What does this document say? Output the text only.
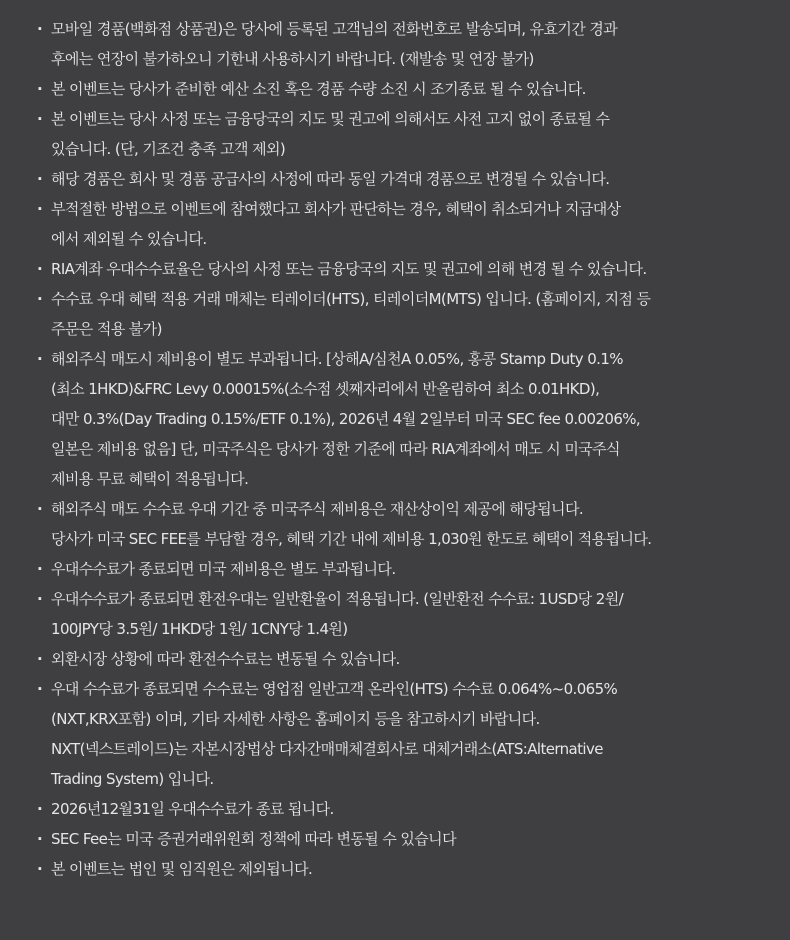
· 모바일 경품(백화점 상품권)은 당사에 등록된 고객님의 전화번호로 발송되며, 유효기간 경과
후에는 연장이 불가하오니 기한내 사용하시기 바랍니다. (재발송 및 연장 불가)
· 본 이벤트는 당사가 준비한 예산 소진 혹은 경품 수량 소진 시 조기종료 될 수 있습니다.
· 본 이벤트는 당사 사정 또는 금융당국의 지도 및 권고에 의해서도 사전 고지 없이 종료될 수
있습니다. (단, 기조건 충족 고객 제외)
· 해당 경품은 회사 및 경품 공급사의 사정에 따라 동일 가격대 경품으로 변경될 수 있습니다.
· 부적절한 방법으로 이벤트에 참여했다고 회사가 판단하는 경우, 혜택이 취소되거나 지급대상
에서 제외될 수 있습니다.
· RIA계좌 우대수수료율은 당사의 사정 또는 금융당국의 지도 및 권고에 의해 변경 될 수 있습니다.
· 수수료 우대 혜택 적용 거래 매체는 티레이더(HTS), 티레이더M(MTS) 입니다. (홈페이지, 지점 등
주문은 적용 불가)
· 해외주식 매도시 제비용이 별도 부과됩니다. [상해A/심천A 0.05%, 홍콩 Stamp Duty 0.1%
(최소 1HKD)&FRC Levy 0.00015%(소수점 셋째자리에서 반올림하여 최소 0.01HKD),
대만 0.3%(Day Trading 0.15%/ETF 0.1%), 2026년 4월 2일부터 미국 SEC fee 0.00206%,
일본은 제비용 없음] 단, 미국주식은 당사가 정한 기준에 따라 RIA계좌에서 매도 시 미국주식
제비용 무료 혜택이 적용됩니다.
· 해외주식 매도 수수료 우대 기간 중 미국주식 제비용은 재산상이익 제공에 해당됩니다.
당사가 미국 SEC FEE를 부담할 경우, 혜택 기간 내에 제비용 1,030원 한도로 혜택이 적용됩니다.
· 우대수수료가 종료되면 미국 제비용은 별도 부과됩니다.
· 우대수수료가 종료되면 환전우대는 일반환율이 적용됩니다. (일반환전 수수료: 1USD당 2원/
100JPY당 3.5원/ 1HKD당 1원/ 1CNY당 1.4원)
· 외환시장 상황에 따라 환전수수료는 변동될 수 있습니다.
· 우대 수수료가 종료되면 수수료는 영업점 일반고객 온라인(HTS) 수수료 0.064%~0.065%
(NXT,KRX포함) 이며, 기타 자세한 사항은 홈페이지 등을 참고하시기 바랍니다.
NXT(넥스트레이드)는 자본시장법상 다자간매매체결회사로 대체거래소(ATS:Alternative
Trading System) 입니다.
· 2026년12월31일 우대수수료가 종료 됩니다.
· SEC Fee는 미국 증권거래위원회 정책에 따라 변동될 수 있습니다
· 본 이벤트는 법인 및 임직원은 제외됩니다.
